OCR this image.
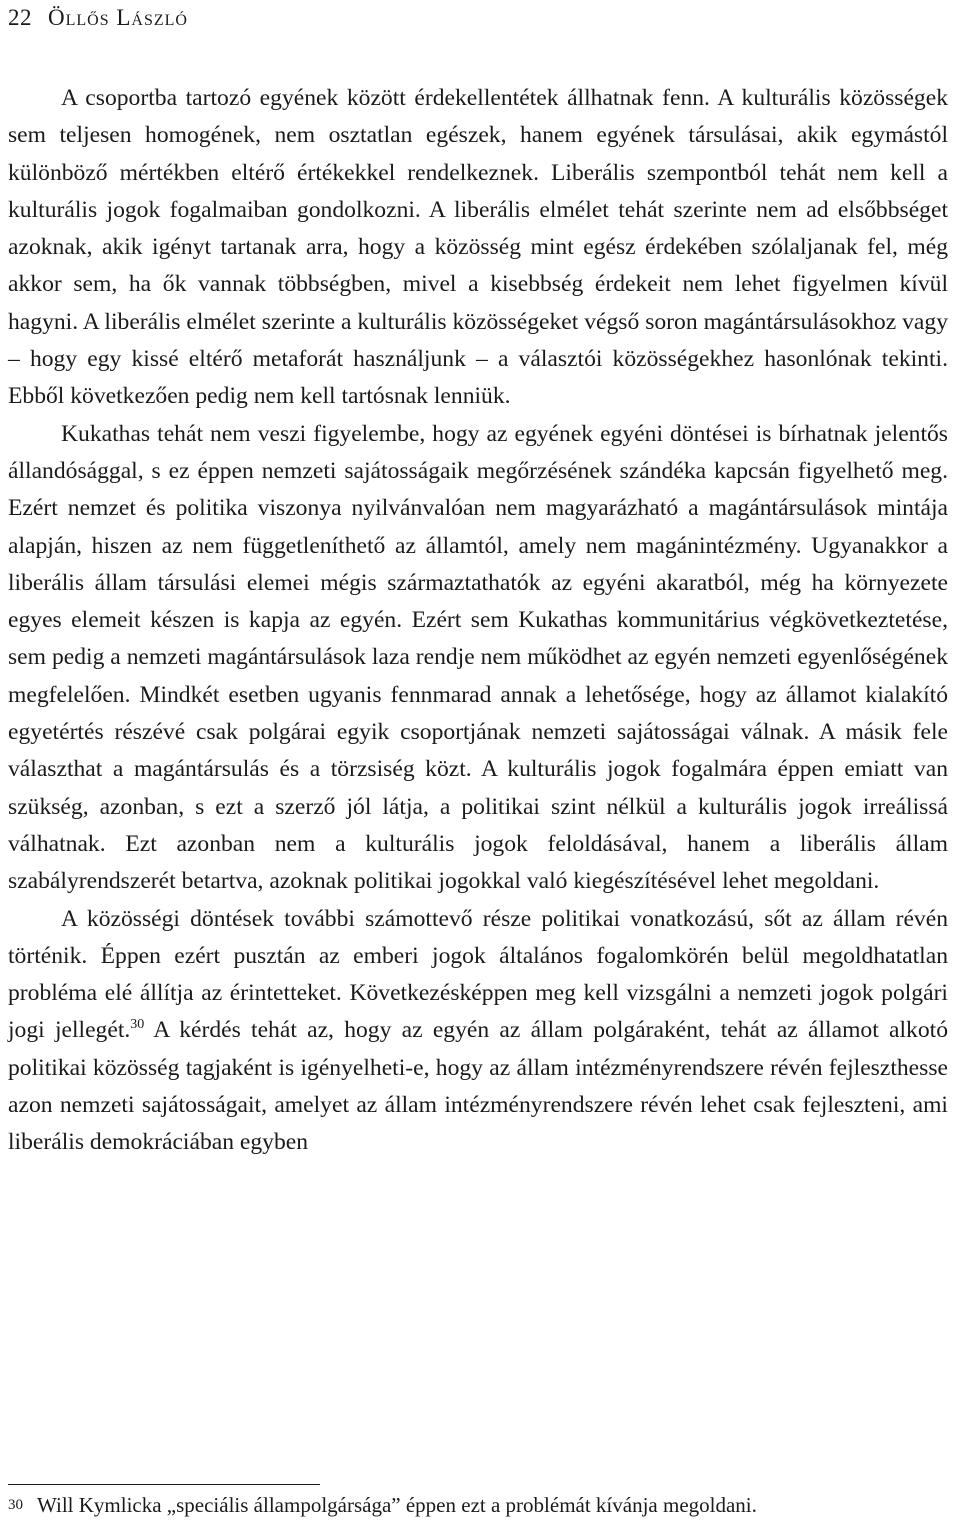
22 Öllős László

A csoportba tartozó egyének között érdekellentétek állhatnak fenn. A kulturális közösségek sem teljesen homogének, nem osztatlan egészek, hanem egyének társulásai, akik egymástól különböző mértékben eltérő értékekkel rendelkeznek. Liberális szempontból tehát nem kell a kulturális jogok fogalmaiban gondolkozni. A liberális elmélet tehát szerinte nem ad elsőbbséget azoknak, akik igényt tartanak arra, hogy a közösség mint egész érdekében szólaljanak fel, még akkor sem, ha ők vannak többségben, mivel a kisebbség érdekeit nem lehet figyelmen kívül hagyni. A liberális elmélet szerinte a kulturális közösségeket végső soron magántársulásokhoz vagy – hogy egy kissé eltérő metaforát használjunk – a választói közösségekhez hasonlónak tekinti. Ebből következően pedig nem kell tartósnak lenniük.

Kukathas tehát nem veszi figyelembe, hogy az egyének egyéni döntései is bírhatnak jelentős állandósággal, s ez éppen nemzeti sajátosságaik megőrzésének szándéka kapcsán figyelhető meg. Ezért nemzet és politika viszonya nyilvánvalóan nem magyarázható a magántársulások mintája alapján, hiszen az nem függetleníthető az államtól, amely nem magánintézmény. Ugyanakkor a liberális állam társulási elemei mégis származtathatók az egyéni akaratból, még ha környezete egyes elemeit készen is kapja az egyén. Ezért sem Kukathas kommunitárius végkövetkeztetése, sem pedig a nemzeti magántársulások laza rendje nem működhet az egyén nemzeti egyenlőségének megfelelően. Mindkét esetben ugyanis fennmarad annak a lehetősége, hogy az államot kialakító egyetértés részévé csak polgárai egyik csoportjának nemzeti sajátosságai válnak. A másik fele választhat a magántársulás és a törzsiség közt. A kulturális jogok fogalmára éppen emiatt van szükség, azonban, s ezt a szerző jól látja, a politikai szint nélkül a kulturális jogok irreálissá válhatnak. Ezt azonban nem a kulturális jogok feloldásával, hanem a liberális állam szabályrendszerét betartva, azoknak politikai jogokkal való kiegészítésével lehet megoldani.

A közösségi döntések további számottevő része politikai vonatkozású, sőt az állam révén történik. Éppen ezért pusztán az emberi jogok általános fogalomkörén belül megoldhatatlan probléma elé állítja az érintetteket. Következésképpen meg kell vizsgálni a nemzeti jogok polgári jogi jellegét.$^{30}$ A kérdés tehát az, hogy az egyén az állam polgáraként, tehát az államot alkotó politikai közösség tagjaként is igényelheti-e, hogy az állam intézményrendszere révén fejleszthesse azon nemzeti sajátosságait, amelyet az állam intézményrendszere révén lehet csak fejleszteni, ami liberális demokráciában egyben

30 Will Kymlicka „speciális állampolgársága” éppen ezt a problémát kívánja megoldani.
